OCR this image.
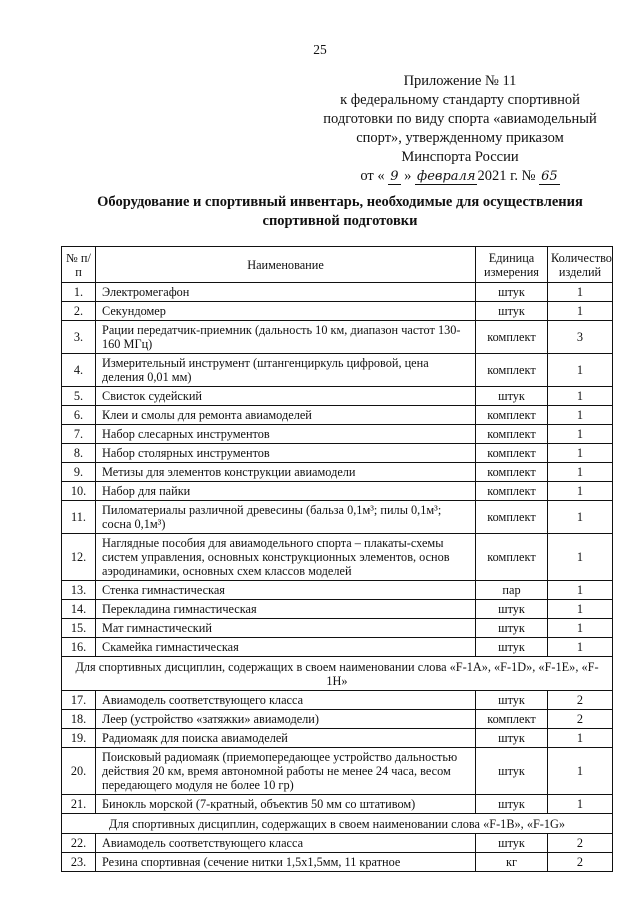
25
Приложение № 11
к федеральному стандарту спортивной
подготовки по виду спорта «авиамодельный
спорт», утвержденному приказом
Минспорта России
от « 9 » февраля 2021 г. № 65
Оборудование и спортивный инвентарь, необходимые для осуществления
спортивной подготовки
№ п/п	Наименование	Единица измерения	Количество изделий
1.	Электромегафон	штук	1
2.	Секундомер	штук	1
3.	Рации передатчик-приемник (дальность 10 км, диапазон частот 130-160 МГц)	комплект	3
4.	Измерительный инструмент (штангенциркуль цифровой, цена деления 0,01 мм)	комплект	1
5.	Свисток судейский	штук	1
6.	Клеи и смолы для ремонта авиамоделей	комплект	1
7.	Набор слесарных инструментов	комплект	1
8.	Набор столярных инструментов	комплект	1
9.	Метизы для элементов конструкции авиамодели	комплект	1
10.	Набор для пайки	комплект	1
11.	Пиломатериалы различной древесины (бальза 0,1м³; пилы 0,1м³; сосна 0,1м³)	комплект	1
12.	Наглядные пособия для авиамодельного спорта – плакаты-схемы систем управления, основных конструкционных элементов, основ аэродинамики, основных схем классов моделей	комплект	1
13.	Стенка гимнастическая	пар	1
14.	Перекладина гимнастическая	штук	1
15.	Мат гимнастический	штук	1
16.	Скамейка гимнастическая	штук	1
Для спортивных дисциплин, содержащих в своем наименовании слова «F-1A», «F-1D», «F-1E», «F-1H»			
17.	Авиамодель соответствующего класса	штук	2
18.	Леер (устройство «затяжки» авиамодели)	комплект	2
19.	Радиомаяк для поиска авиамоделей	штук	1
20.	Поисковый радиомаяк (приемопередающее устройство дальностью действия 20 км, время автономной работы не менее 24 часа, весом передающего модуля не более 10 гр)	штук	1
21.	Бинокль морской (7-кратный, объектив 50 мм со штативом)	штук	1
Для спортивных дисциплин, содержащих в своем наименовании слова «F-1B», «F-1G»			
22.	Авиамодель соответствующего класса	штук	2
23.	Резина спортивная (сечение нитки 1,5x1,5мм, 11 кратное	кг	2
